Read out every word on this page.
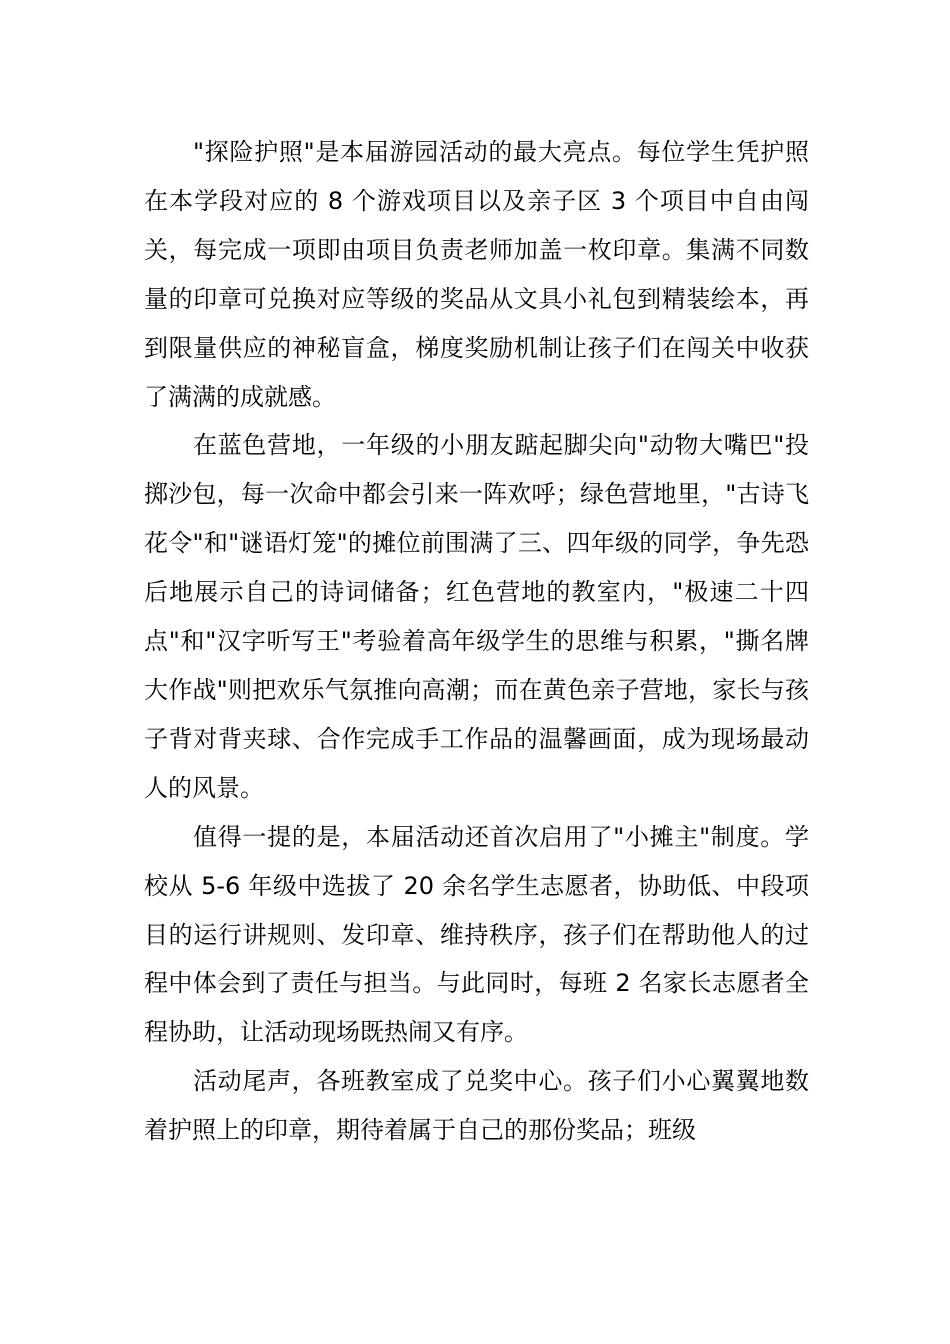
"探险护照"是本届游园活动的最大亮点。每位学生凭护照在本学段对应的 8 个游戏项目以及亲子区 3 个项目中自由闯关，每完成一项即由项目负责老师加盖一枚印章。集满不同数量的印章可兑换对应等级的奖品从文具小礼包到精装绘本，再到限量供应的神秘盲盒，梯度奖励机制让孩子们在闯关中收获了满满的成就感。

在蓝色营地，一年级的小朋友踮起脚尖向"动物大嘴巴"投掷沙包，每一次命中都会引来一阵欢呼；绿色营地里，"古诗飞花令"和"谜语灯笼"的摊位前围满了三、四年级的同学，争先恐后地展示自己的诗词储备；红色营地的教室内，"极速二十四点"和"汉字听写王"考验着高年级学生的思维与积累，"撕名牌大作战"则把欢乐气氛推向高潮；而在黄色亲子营地，家长与孩子背对背夹球、合作完成手工作品的温馨画面，成为现场最动人的风景。

值得一提的是，本届活动还首次启用了"小摊主"制度。学校从 5-6 年级中选拔了 20 余名学生志愿者，协助低、中段项目的运行讲规则、发印章、维持秩序，孩子们在帮助他人的过程中体会到了责任与担当。与此同时，每班 2 名家长志愿者全程协助，让活动现场既热闹又有序。

活动尾声，各班教室成了兑奖中心。孩子们小心翼翼地数着护照上的印章，期待着属于自己的那份奖品；班级
